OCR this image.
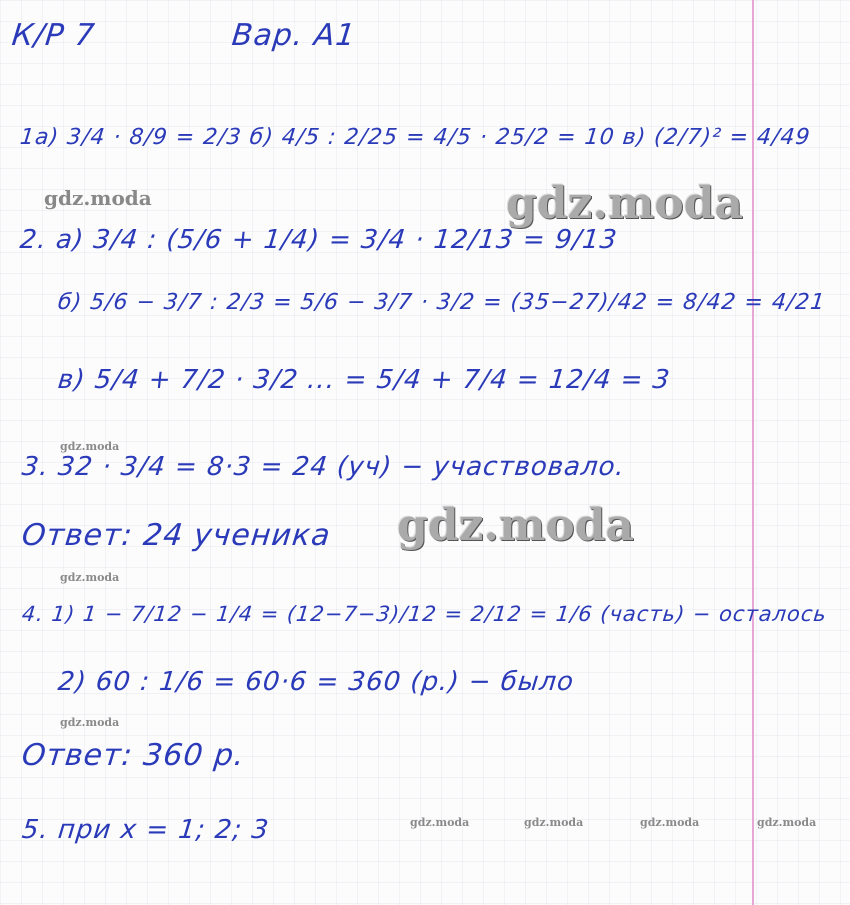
К/Р 7	Вар. А1
1а) 3/4 · 8/9 = 2/3 б) 4/5 : 2/25 = 4/5 · 25/2 = 10 в) (2/7)² = 4/49
2. а) 3/4 : (5/6 + 1/4) = 3/4 · 12/13 = 9/13
б) 5/6 − 3/7 : 2/3 = 5/6 − 3/7 · 3/2 = (35−27)/42 = 8/42 = 4/21
в) 5/4 + 7/2 · 3/2 ... = 5/4 + 7/4 = 12/4 = 3
3. 32 · 3/4 = 8·3 = 24 (уч) − участвовало.
Ответ: 24 ученика
4. 1) 1 − 7/12 − 1/4 = (12−7−3)/12 = 2/12 = 1/6 (часть) − осталось
2) 60 : 1/6 = 60·6 = 360 (р.) − было
Ответ: 360 р.
5. при x = 1; 2; 3
gdz.moda	gdz.moda
gdz.moda
gdz.moda
gdz.moda
gdz.moda
gdz.moda	gdz.moda	gdz.moda	gdz.moda
